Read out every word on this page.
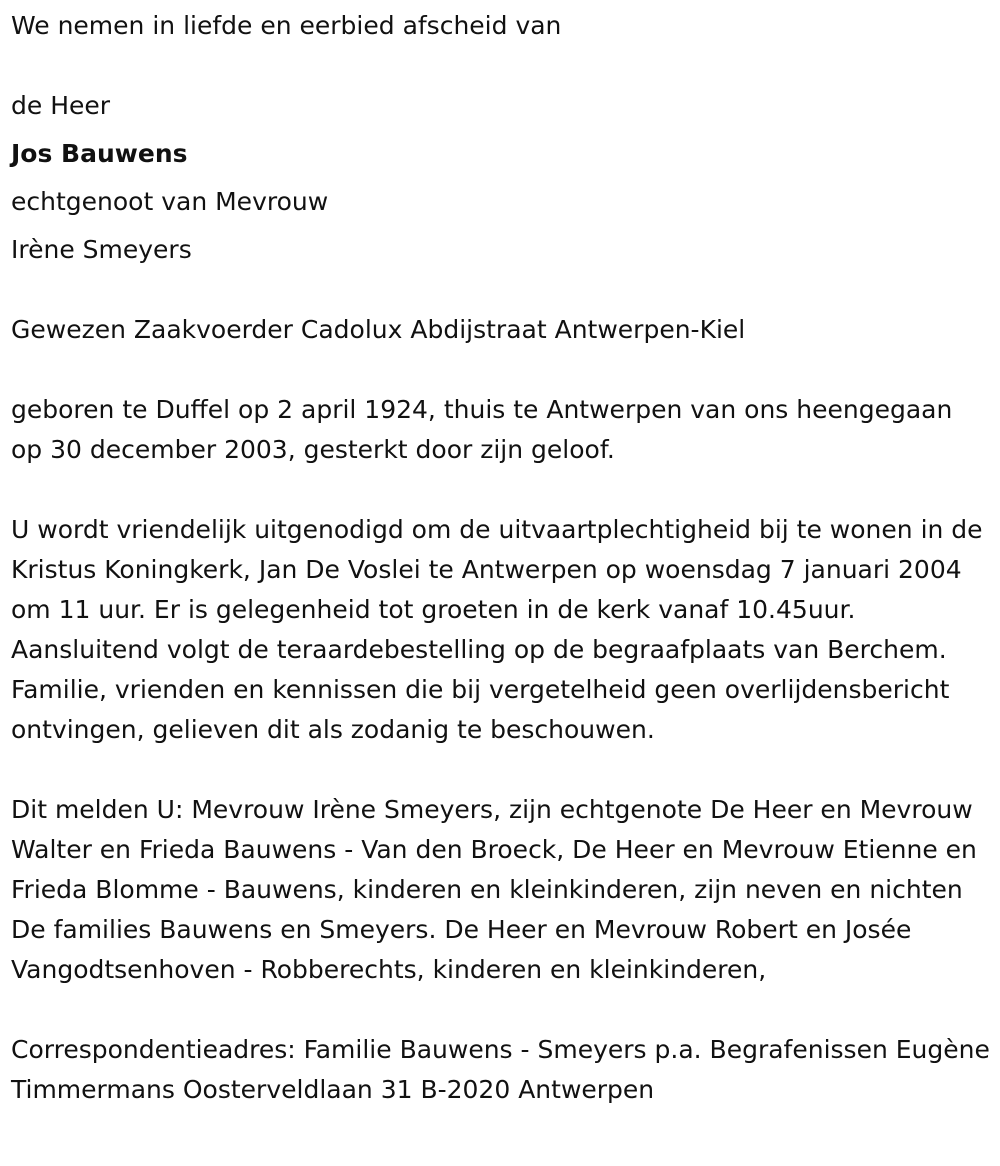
We nemen in liefde en eerbied afscheid van

de Heer

Jos Bauwens

echtgenoot van Mevrouw

Irène Smeyers

Gewezen Zaakvoerder Cadolux Abdijstraat Antwerpen-Kiel

geboren te Duffel op 2 april 1924, thuis te Antwerpen van ons heengegaan op 30 december 2003, gesterkt door zijn geloof.

U wordt vriendelijk uitgenodigd om de uitvaartplechtigheid bij te wonen in de Kristus Koningkerk, Jan De Voslei te Antwerpen op woensdag 7 januari 2004 om 11 uur. Er is gelegenheid tot groeten in de kerk vanaf 10.45uur. Aansluitend volgt de teraardebestelling op de begraafplaats van Berchem. Familie, vrienden en kennissen die bij vergetelheid geen overlijdensbericht ontvingen, gelieven dit als zodanig te beschouwen.

Dit melden U: Mevrouw Irène Smeyers, zijn echtgenote De Heer en Mevrouw Walter en Frieda Bauwens - Van den Broeck, De Heer en Mevrouw Etienne en Frieda Blomme - Bauwens, kinderen en kleinkinderen, zijn neven en nichten De families Bauwens en Smeyers. De Heer en Mevrouw Robert en Josée Vangodtsenhoven - Robberechts, kinderen en kleinkinderen,

Correspondentieadres: Familie Bauwens - Smeyers p.a. Begrafenissen Eugène Timmermans Oosterveldlaan 31 B-2020 Antwerpen
